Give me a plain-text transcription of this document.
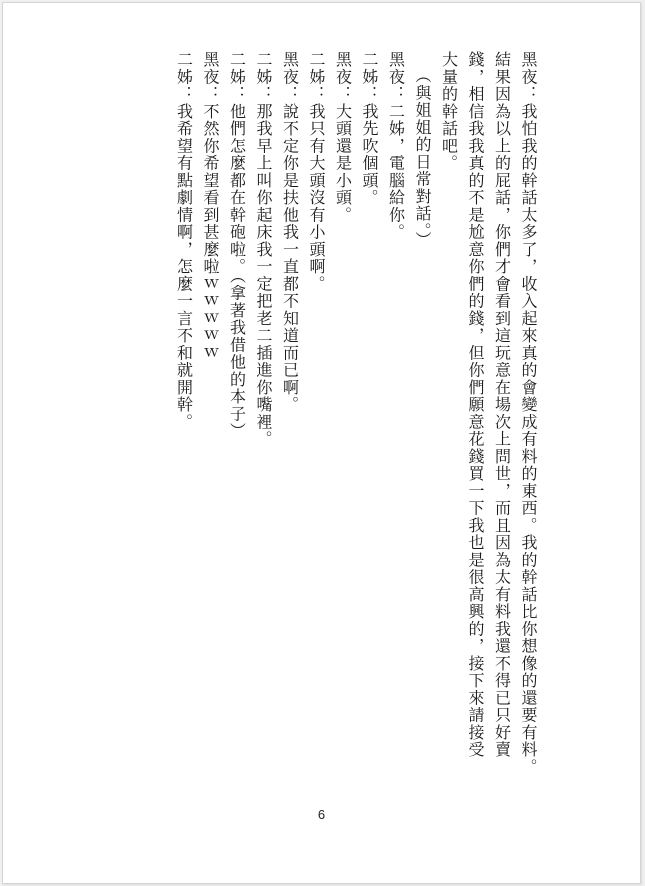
黑夜：我怕我的幹話太多了，收入起來真的會變成有料的東西。我的幹話比你想像的還要有料。
結果因為以上的屁話，你們才會看到這玩意在場次上問世，而且因為太有料我還不得已只好賣
錢，相信我我真的不是尬意你們的錢，但你們願意花錢買一下我也是很高興的，接下來請接受
大量的幹話吧。
（與姐姐的日常對話。）
黑夜：二姊，電腦給你。
二姊：我先吹個頭。
黑夜：大頭還是小頭。
二姊：我只有大頭沒有小頭啊。
黑夜：說不定你是扶他我一直都不知道而已啊。
二姊：那我早上叫你起床我一定把老二插進你嘴裡。
二姊：他們怎麼都在幹砲啦。（拿著我借他的本子）
黑夜：不然你希望看到甚麼啦ｗｗｗｗｗ
二姊：我希望有點劇情啊，怎麼一言不和就開幹。
6
